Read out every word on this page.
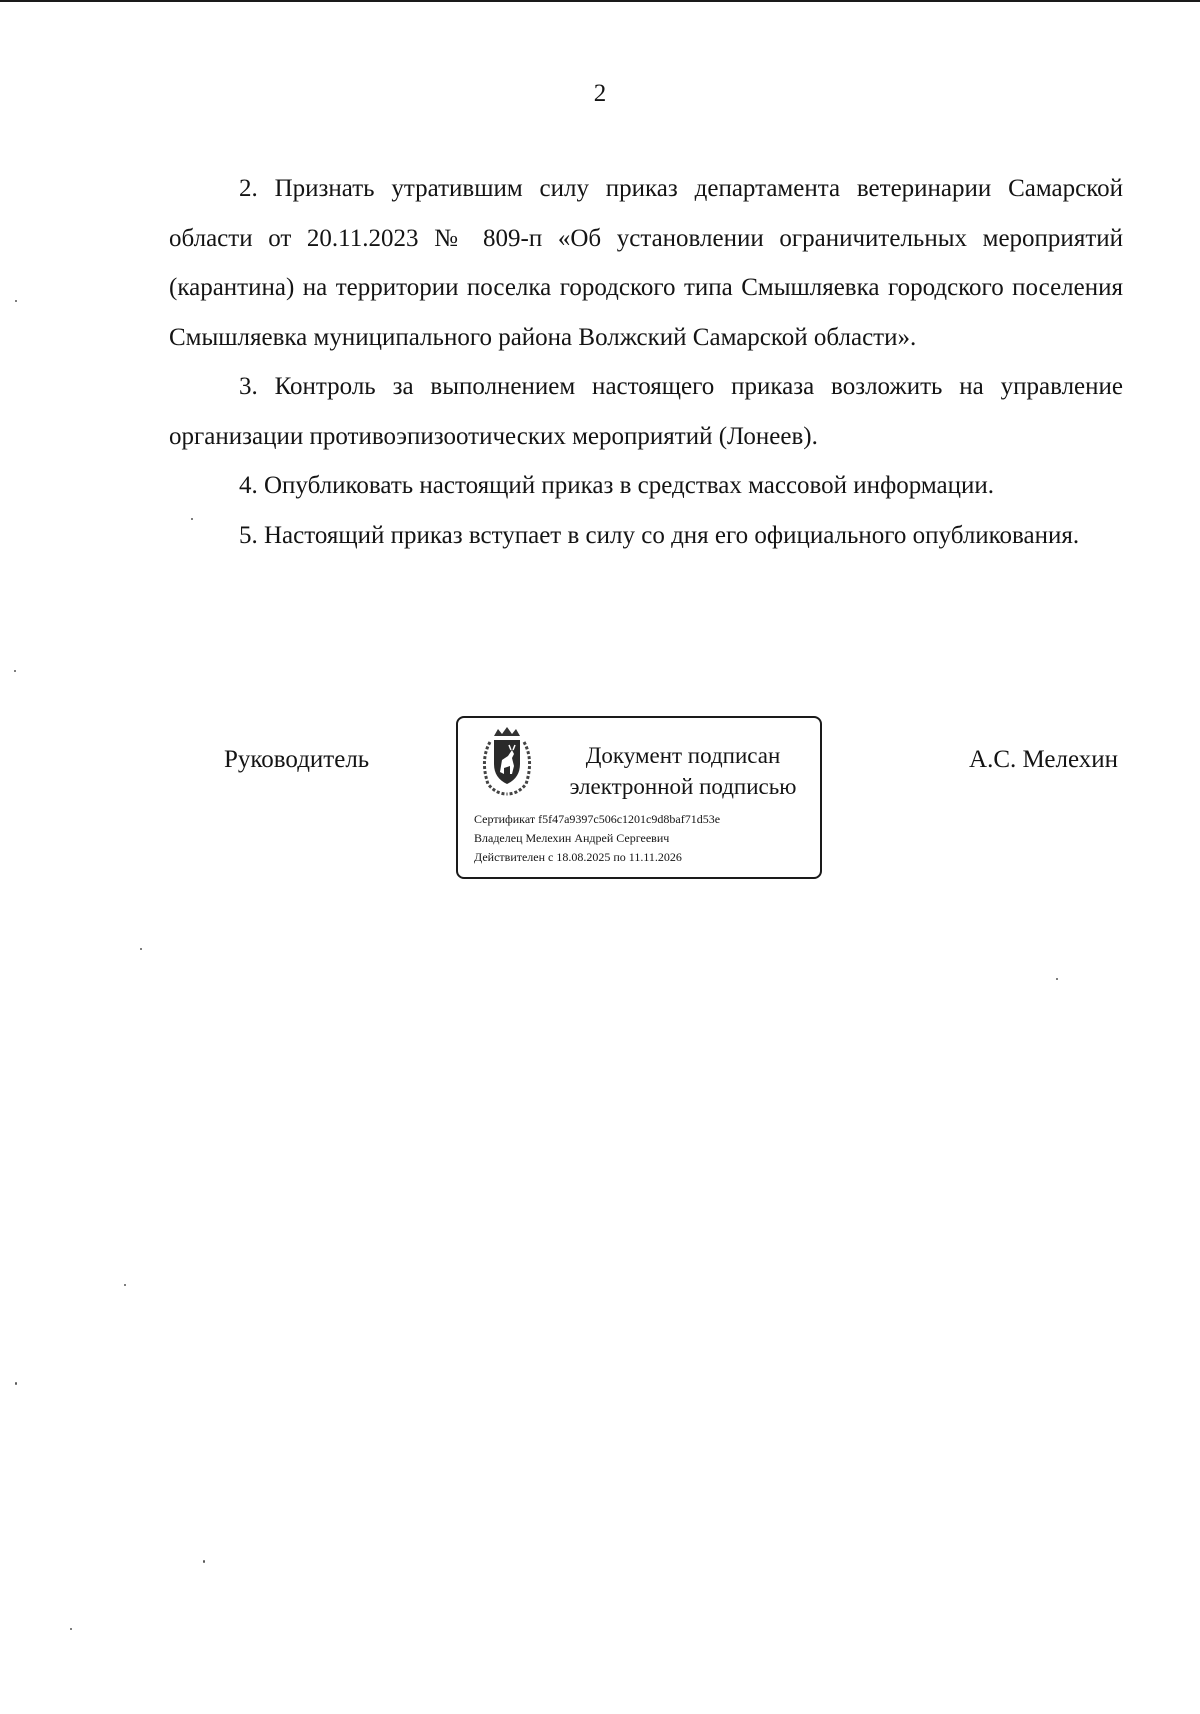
2

2. Признать утратившим силу приказ департамента ветеринарии Самарской области от 20.11.2023 № 809-п «Об установлении ограничительных мероприятий (карантина) на территории поселка городского типа Смышляевка городского поселения Смышляевка муниципального района Волжский Самарской области».

3. Контроль за выполнением настоящего приказа возложить на управление организации противоэпизоотических мероприятий (Лонеев).

4. Опубликовать настоящий приказ в средствах массовой информации.

5. Настоящий приказ вступает в силу со дня его официального опубликования.

Руководитель	Документ подписан
электронной подписью
Сертификат f5f47a9397c506c1201c9d8baf71d53e
Владелец Мелехин Андрей Сергеевич
Действителен с 18.08.2025 по 11.11.2026
А.С. Мелехин
